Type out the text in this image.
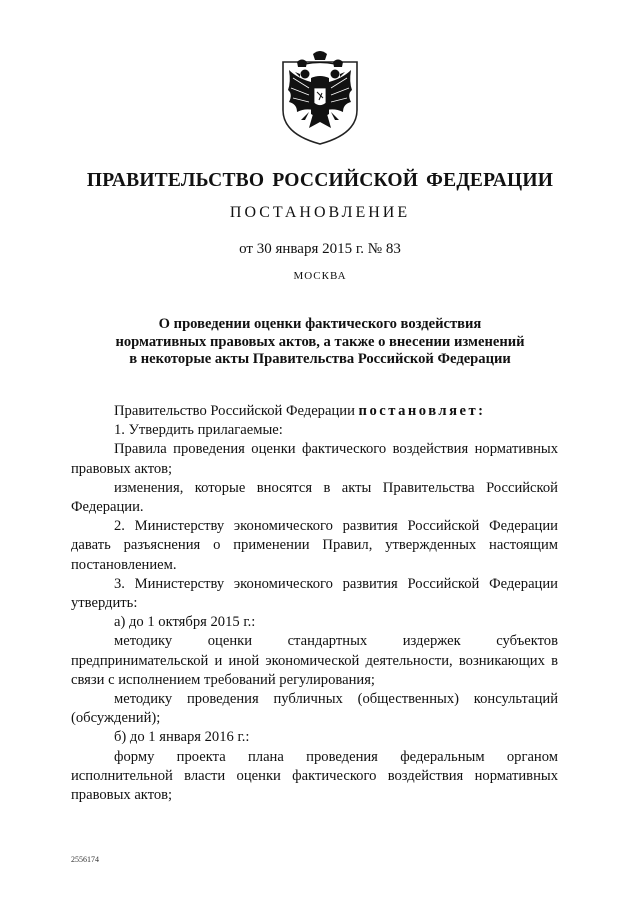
ПРАВИТЕЛЬСТВО РОССИЙСКОЙ ФЕДЕРАЦИИ
ПОСТАНОВЛЕНИЕ
от 30 января 2015 г. № 83
МОСКВА
О проведении оценки фактического воздействия
нормативных правовых актов, а также о внесении изменений
в некоторые акты Правительства Российской Федерации

Правительство Российской Федерации постановляет:

1. Утвердить прилагаемые:

Правила проведения оценки фактического воздействия нормативных правовых актов;

изменения, которые вносятся в акты Правительства Российской Федерации.

2. Министерству экономического развития Российской Федерации давать разъяснения о применении Правил, утвержденных настоящим постановлением.

3. Министерству экономического развития Российской Федерации утвердить:

а) до 1 октября 2015 г.:

методику оценки стандартных издержек субъектов предпринимательской и иной экономической деятельности, возникающих в связи с исполнением требований регулирования;

методику проведения публичных (общественных) консультаций (обсуждений);

б) до 1 января 2016 г.:

форму проекта плана проведения федеральным органом исполнительной власти оценки фактического воздействия нормативных правовых актов;

2556174
